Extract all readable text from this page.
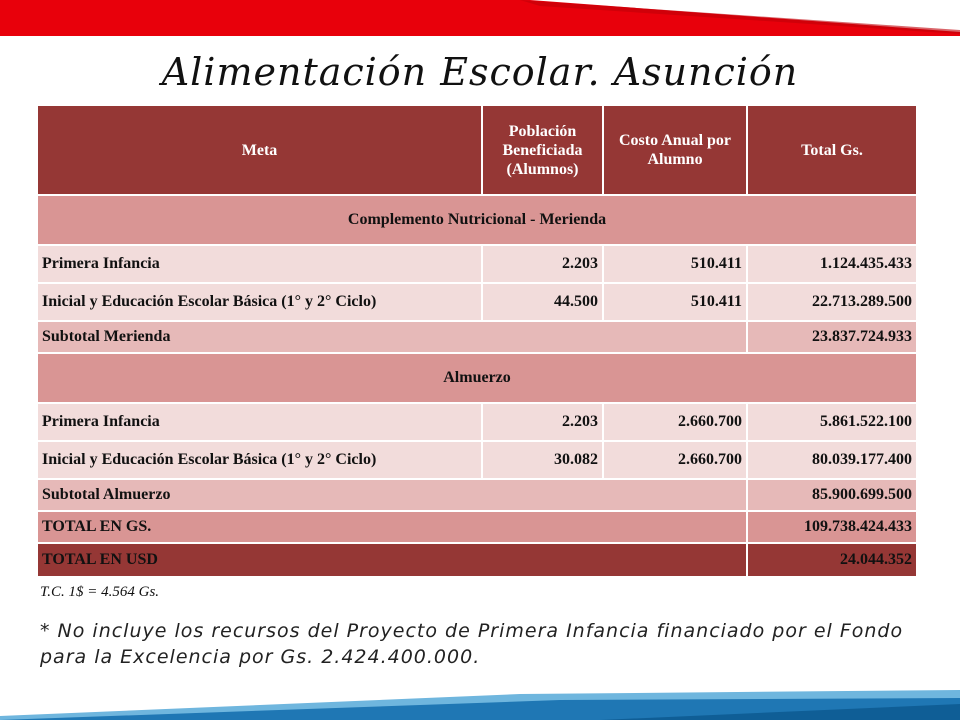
Alimentación Escolar. Asunción
Meta	Población Beneficiada (Alumnos)	Costo Anual por Alumno	Total Gs.
Complemento Nutricional - Merienda			
Primera Infancia	2.203	510.411	1.124.435.433
Inicial y Educación Escolar Básica (1° y 2° Ciclo)	44.500	510.411	22.713.289.500
Subtotal Merienda			23.837.724.933
Almuerzo			
Primera Infancia	2.203	2.660.700	5.861.522.100
Inicial y Educación Escolar Básica (1° y 2° Ciclo)	30.082	2.660.700	80.039.177.400
Subtotal Almuerzo			85.900.699.500
TOTAL EN GS.			109.738.424.433
TOTAL EN USD			24.044.352
T.C. 1$ = 4.564 Gs.
* No incluye los recursos del Proyecto de Primera Infancia financiado por el Fondo para la Excelencia por Gs. 2.424.400.000.
